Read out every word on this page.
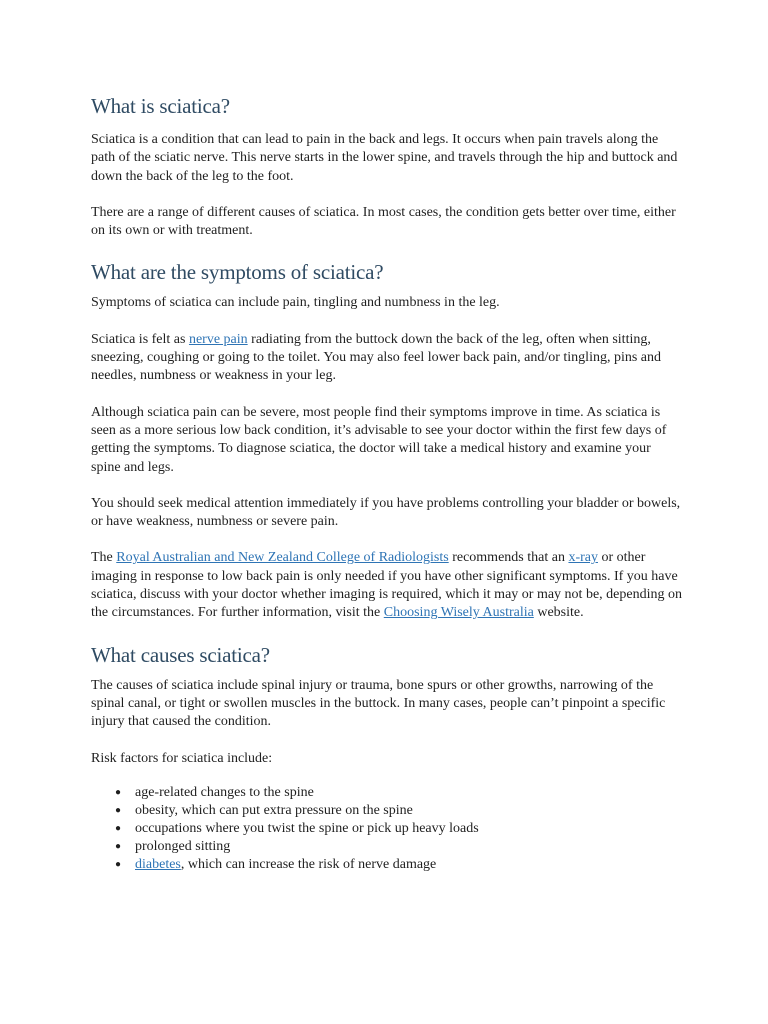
What is sciatica?

Sciatica is a condition that can lead to pain in the back and legs. It occurs when pain travels along the path of the sciatic nerve. This nerve starts in the lower spine, and travels through the hip and buttock and down the back of the leg to the foot.

There are a range of different causes of sciatica. In most cases, the condition gets better over time, either on its own or with treatment.

What are the symptoms of sciatica?

Symptoms of sciatica can include pain, tingling and numbness in the leg.

Sciatica is felt as nerve pain radiating from the buttock down the back of the leg, often when sitting, sneezing, coughing or going to the toilet. You may also feel lower back pain, and/or tingling, pins and needles, numbness or weakness in your leg.

Although sciatica pain can be severe, most people find their symptoms improve in time. As sciatica is seen as a more serious low back condition, it’s advisable to see your doctor within the first few days of getting the symptoms. To diagnose sciatica, the doctor will take a medical history and examine your spine and legs.

You should seek medical attention immediately if you have problems controlling your bladder or bowels, or have weakness, numbness or severe pain.

The Royal Australian and New Zealand College of Radiologists recommends that an x-ray or other imaging in response to low back pain is only needed if you have other significant symptoms. If you have sciatica, discuss with your doctor whether imaging is required, which it may or may not be, depending on the circumstances. For further information, visit the Choosing Wisely Australia website.

What causes sciatica?

The causes of sciatica include spinal injury or trauma, bone spurs or other growths, narrowing of the spinal canal, or tight or swollen muscles in the buttock. In many cases, people can’t pinpoint a specific injury that caused the condition.

Risk factors for sciatica include:

● age-related changes to the spine
● obesity, which can put extra pressure on the spine
● occupations where you twist the spine or pick up heavy loads
● prolonged sitting
● diabetes, which can increase the risk of nerve damage
